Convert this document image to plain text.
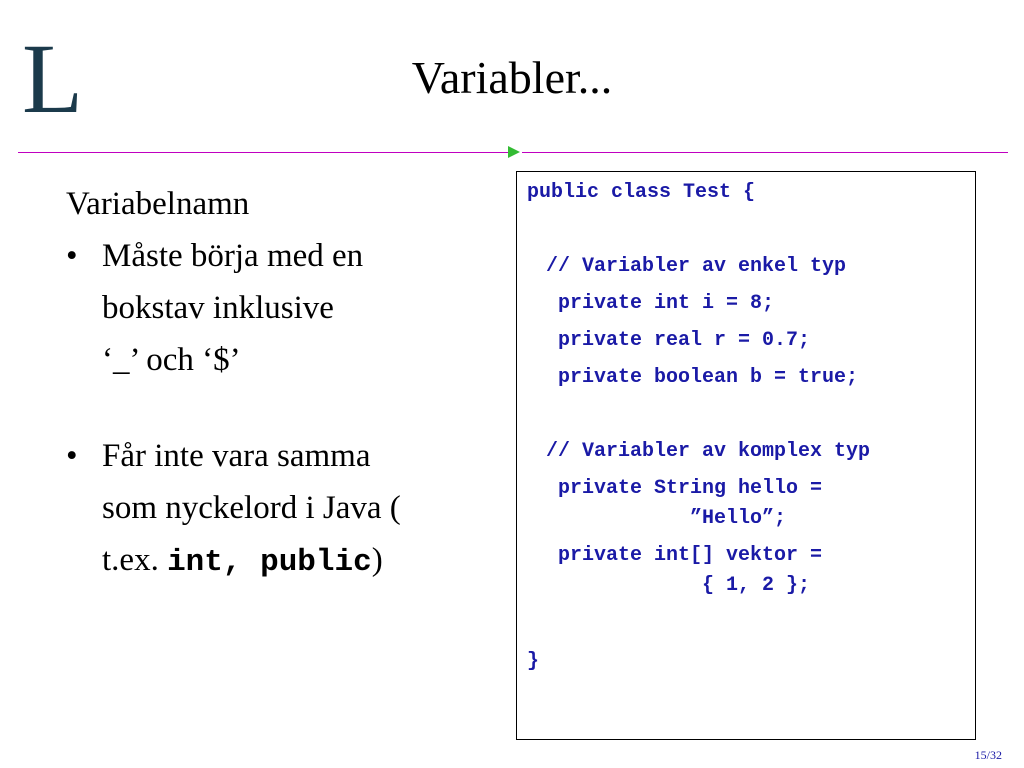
L	Variabler...

Variabelnamn

• Måste börja med en
bokstav inklusive
‘_’ och ‘$’
• Får inte vara samma
som nyckelord i Java (
t.ex. int, public)
public class Test {
// Variabler av enkel typ
private int i = 8;
private real r = 0.7;
private boolean b = true;
// Variabler av komplex typ
private String hello =
”Hello”;
private int[] vektor =
{ 1, 2 };
}
15/32
